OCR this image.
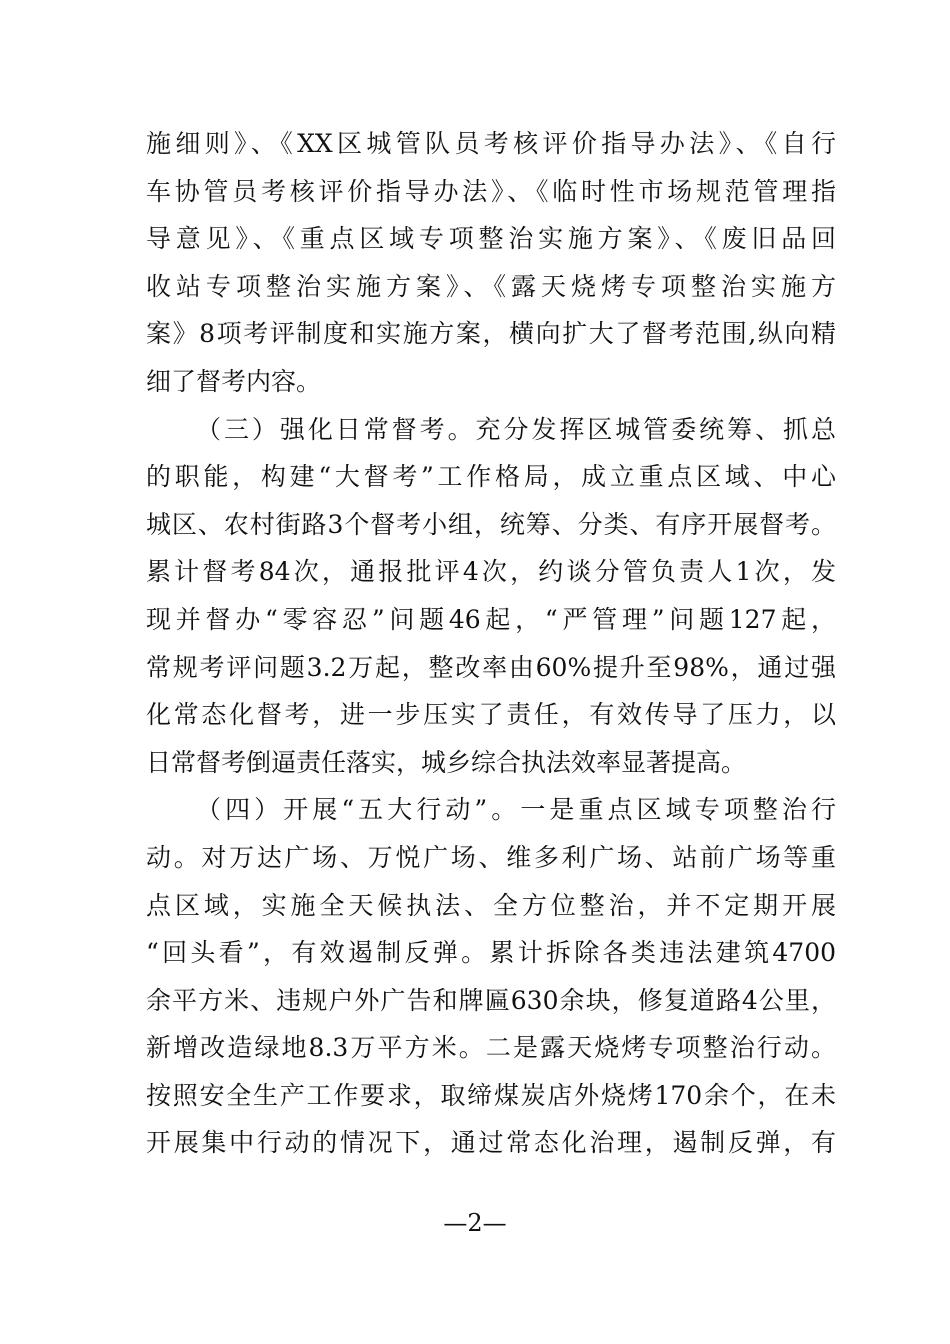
施细则》、《XX区城管队员考核评价指导办法》、《自行
车协管员考核评价指导办法》、《临时性市场规范管理指
导意见》、《重点区域专项整治实施方案》、《废旧品回
收站专项整治实施方案》、《露天烧烤专项整治实施方
案》8项考评制度和实施方案，横向扩大了督考范围,纵向精
细了督考内容。
（三）强化日常督考。充分发挥区城管委统筹、抓总
的职能，构建“大督考”工作格局，成立重点区域、中心
城区、农村街路3个督考小组，统筹、分类、有序开展督考。
累计督考84次，通报批评4次，约谈分管负责人1次，发
现并督办“零容忍”问题46起，“严管理”问题127起，
常规考评问题3.2万起，整改率由60%提升至98%，通过强
化常态化督考，进一步压实了责任，有效传导了压力，以
日常督考倒逼责任落实，城乡综合执法效率显著提高。
（四）开展“五大行动”。一是重点区域专项整治行
动。对万达广场、万悦广场、维多利广场、站前广场等重
点区域，实施全天候执法、全方位整治，并不定期开展
“回头看”，有效遏制反弹。累计拆除各类违法建筑4700
余平方米、违规户外广告和牌匾630余块，修复道路4公里，
新增改造绿地8.3万平方米。二是露天烧烤专项整治行动。
按照安全生产工作要求，取缔煤炭店外烧烤170余个，在未
开展集中行动的情况下，通过常态化治理，遏制反弹，有
—2—
